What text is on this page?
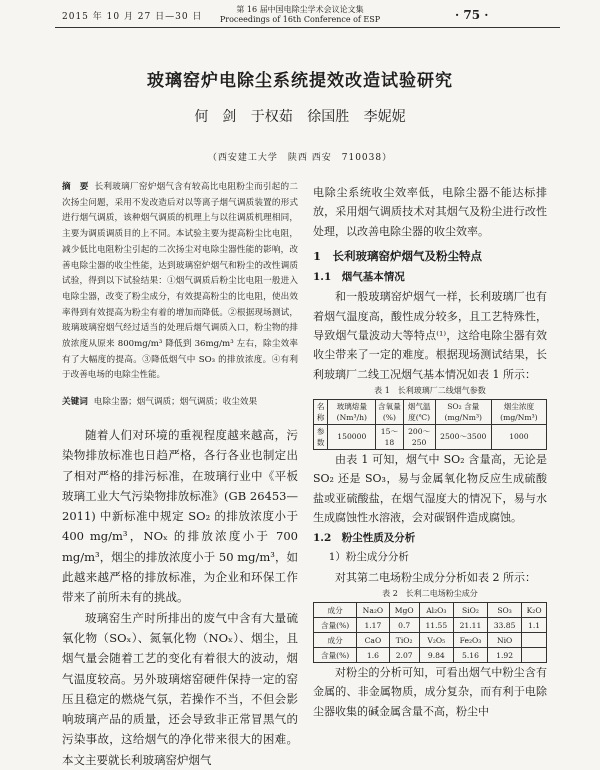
2015 年 10 月 27 日—30 日
第 16 届中国电除尘学术会议论文集
Proceedings of 16th Conference of ESP	· 75 ·
玻璃窑炉电除尘系统提效改造试验研究
何　剑 于权茹 徐国胜 李妮妮
（西安建工大学　陕西 西安　710038）
摘　要 长利玻璃厂窑炉烟气含有较高比电阻粉尘而引起的二次扬尘问题，采用不发改造后对以等离子烟气调质装置的形式进行烟气调质，该种烟气调质的机理上与以往调质机理相同，主要为调质调质目的上不同。本试验主要为提高粉尘比电阻，减少低比电阻粉尘引起的二次扬尘对电除尘器性能的影响，改善电除尘器的收尘性能，达到玻璃窑炉烟气和粉尘的改性调质试验，得到以下试验结果：①烟气调质后粉尘比电阻一般进入电除尘器，改变了粉尘成分，有效提高粉尘的比电阻，使出效率得到有效提高为粉尘有着的增加而降低。②根据现场测试，玻璃玻璃窑烟气经过适当的处理后烟气调质入口，粉尘物的排放浓度从原来 800mg/m³ 降低到 36mg/m³ 左右，除尘效率有了大幅度的提高。③降低烟气中 SO₃ 的排放浓度。④有利于改善电场的电除尘性能。
关键词 电除尘器；烟气调质；烟气调质；收尘效果

随着人们对环境的重视程度越来越高，污染物排放标准也日趋严格，各行各业也制定出了相对严格的排污标准，在玻璃行业中《平板玻璃工业大气污染物排放标准》(GB 26453—2011) 中新标准中规定 SO₂ 的排放浓度小于 400 mg/m³，NOₓ 的排放浓度小于 700 mg/m³，烟尘的排放浓度小于 50 mg/m³，如此越来越严格的排放标准，为企业和环保工作带来了前所未有的挑战。

玻璃窑生产时所排出的废气中含有大量硫氧化物（SOₓ）、氮氧化物（NOₓ）、烟尘，且烟气量会随着工艺的变化有着很大的波动，烟气温度较高。另外玻璃熔窑硬件保持一定的窑压且稳定的燃烧气氛，若操作不当，不但会影响玻璃产品的质量，还会导致非正常冒黑气的污染事故，这给烟气的净化带来很大的困难。本文主要就长利玻璃窑炉烟气

电除尘系统收尘效率低，电除尘器不能达标排放，采用烟气调质技术对其烟气及粉尘进行改性处理，以改善电除尘器的收尘效率。

1　长利玻璃窑炉烟气及粉尘特点
1.1　烟气基本情况

和一般玻璃窑炉烟气一样，长利玻璃厂也有着烟气温度高，酸性成分较多，且工艺特殊性，导致烟气量波动大等特点⁽¹⁾，这给电除尘器有效收尘带来了一定的难度。根据现场测试结果，长利玻璃厂二线工况烟气基本情况如表 1 所示：

表 1　长利玻璃厂二线烟气参数
名称	玻璃熔量(Nm³/h)	含氧量(%)	烟气温度(℃)	SO₂ 含量(mg/Nm³)	烟尘浓度(mg/Nm³)
参数	150000	15～18	200～250	2500～3500	1000

由表 1 可知，烟气中 SO₂ 含量高，无论是 SO₂ 还是 SO₃，易与金属氧化物反应生成硫酸盐或亚硫酸盐，在烟气湿度大的情况下，易与水生成腐蚀性水溶液，会对碳钢件造成腐蚀。

1.2　粉尘性质及分析
1）粉尘成分分析

对其第二电场粉尘成分分析如表 2 所示：

表 2　长利二电场粉尘成分
成分	Na₂O	MgO	Al₂O₃	SiO₂	SO₃	K₂O
含量(%)	1.17	0.7	11.55	21.11	33.85	1.1
成分	CaO	TiO₂	V₂O₅	Fe₂O₃	NiO	
含量(%)	1.6	2.07	9.84	5.16	1.92	

对粉尘的分析可知，可看出烟气中粉尘含有金属的、非金属物质，成分复杂，而有利于电除尘器收集的碱金属含量不高，粉尘中
